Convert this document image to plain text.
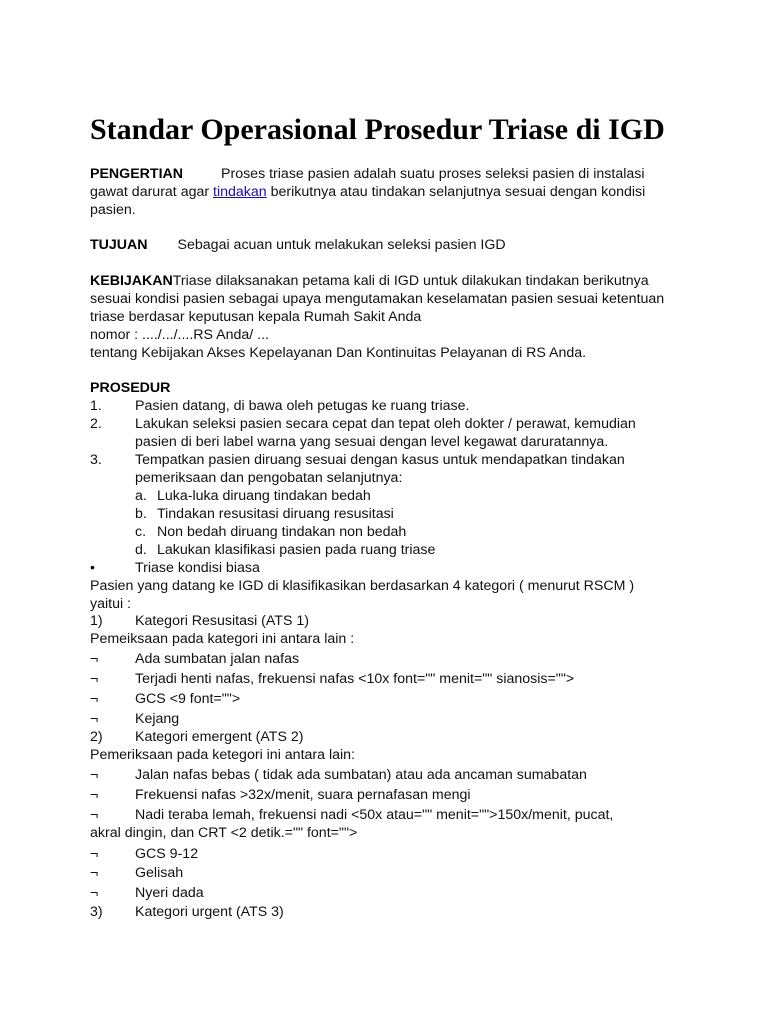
Standar Operasional Prosedur Triase di IGD
PENGERTIAN	Proses triase pasien adalah suatu proses seleksi pasien di instalasi gawat darurat agar tindakan berikutnya atau tindakan selanjutnya sesuai dengan kondisi pasien.
TUJUAN Sebagai acuan untuk melakukan seleksi pasien IGD
KEBIJAKANTriase dilaksanakan petama kali di IGD untuk dilakukan tindakan berikutnya sesuai kondisi pasien sebagai upaya mengutamakan keselamatan pasien sesuai ketentuan triase berdasar keputusan kepala Rumah Sakit Anda
nomor : ..../.../....RS Anda/ ...
tentang Kebijakan Akses Kepelayanan Dan Kontinuitas Pelayanan di RS Anda.
PROSEDUR
1. Pasien datang, di bawa oleh petugas ke ruang triase.
2. Lakukan seleksi pasien secara cepat dan tepat oleh dokter / perawat, kemudian
pasien di beri label warna yang sesuai dengan level kegawat daruratannya.
3. Tempatkan pasien diruang sesuai dengan kasus untuk mendapatkan tindakan
pemeriksaan dan pengobatan selanjutnya:
a. Luka-luka diruang tindakan bedah
b. Tindakan resusitasi diruang resusitasi
c. Non bedah diruang tindakan non bedah
d. Lakukan klasifikasi pasien pada ruang triase
•	Triase kondisi biasa
Pasien yang datang ke IGD di klasifikasikan berdasarkan 4 kategori ( menurut RSCM )
yaitui :
1) Kategori Resusitasi (ATS 1)
Pemeiksaan pada kategori ini antara lain :
¬	Ada sumbatan jalan nafas
¬	Terjadi henti nafas, frekuensi nafas <10x font="" menit="" sianosis="">
¬	GCS <9 font="">
¬	Kejang
2) Kategori emergent (ATS 2)
Pemeriksaan pada ketegori ini antara lain:
¬	Jalan nafas bebas ( tidak ada sumbatan) atau ada ancaman sumabatan
¬	Frekuensi nafas >32x/menit, suara pernafasan mengi
¬	Nadi teraba lemah, frekuensi nadi <50x atau="" menit="">150x/menit, pucat,
akral dingin, dan CRT <2 detik.="" font="">
¬	GCS 9-12
¬	Gelisah
¬	Nyeri dada
3) Kategori urgent (ATS 3)
